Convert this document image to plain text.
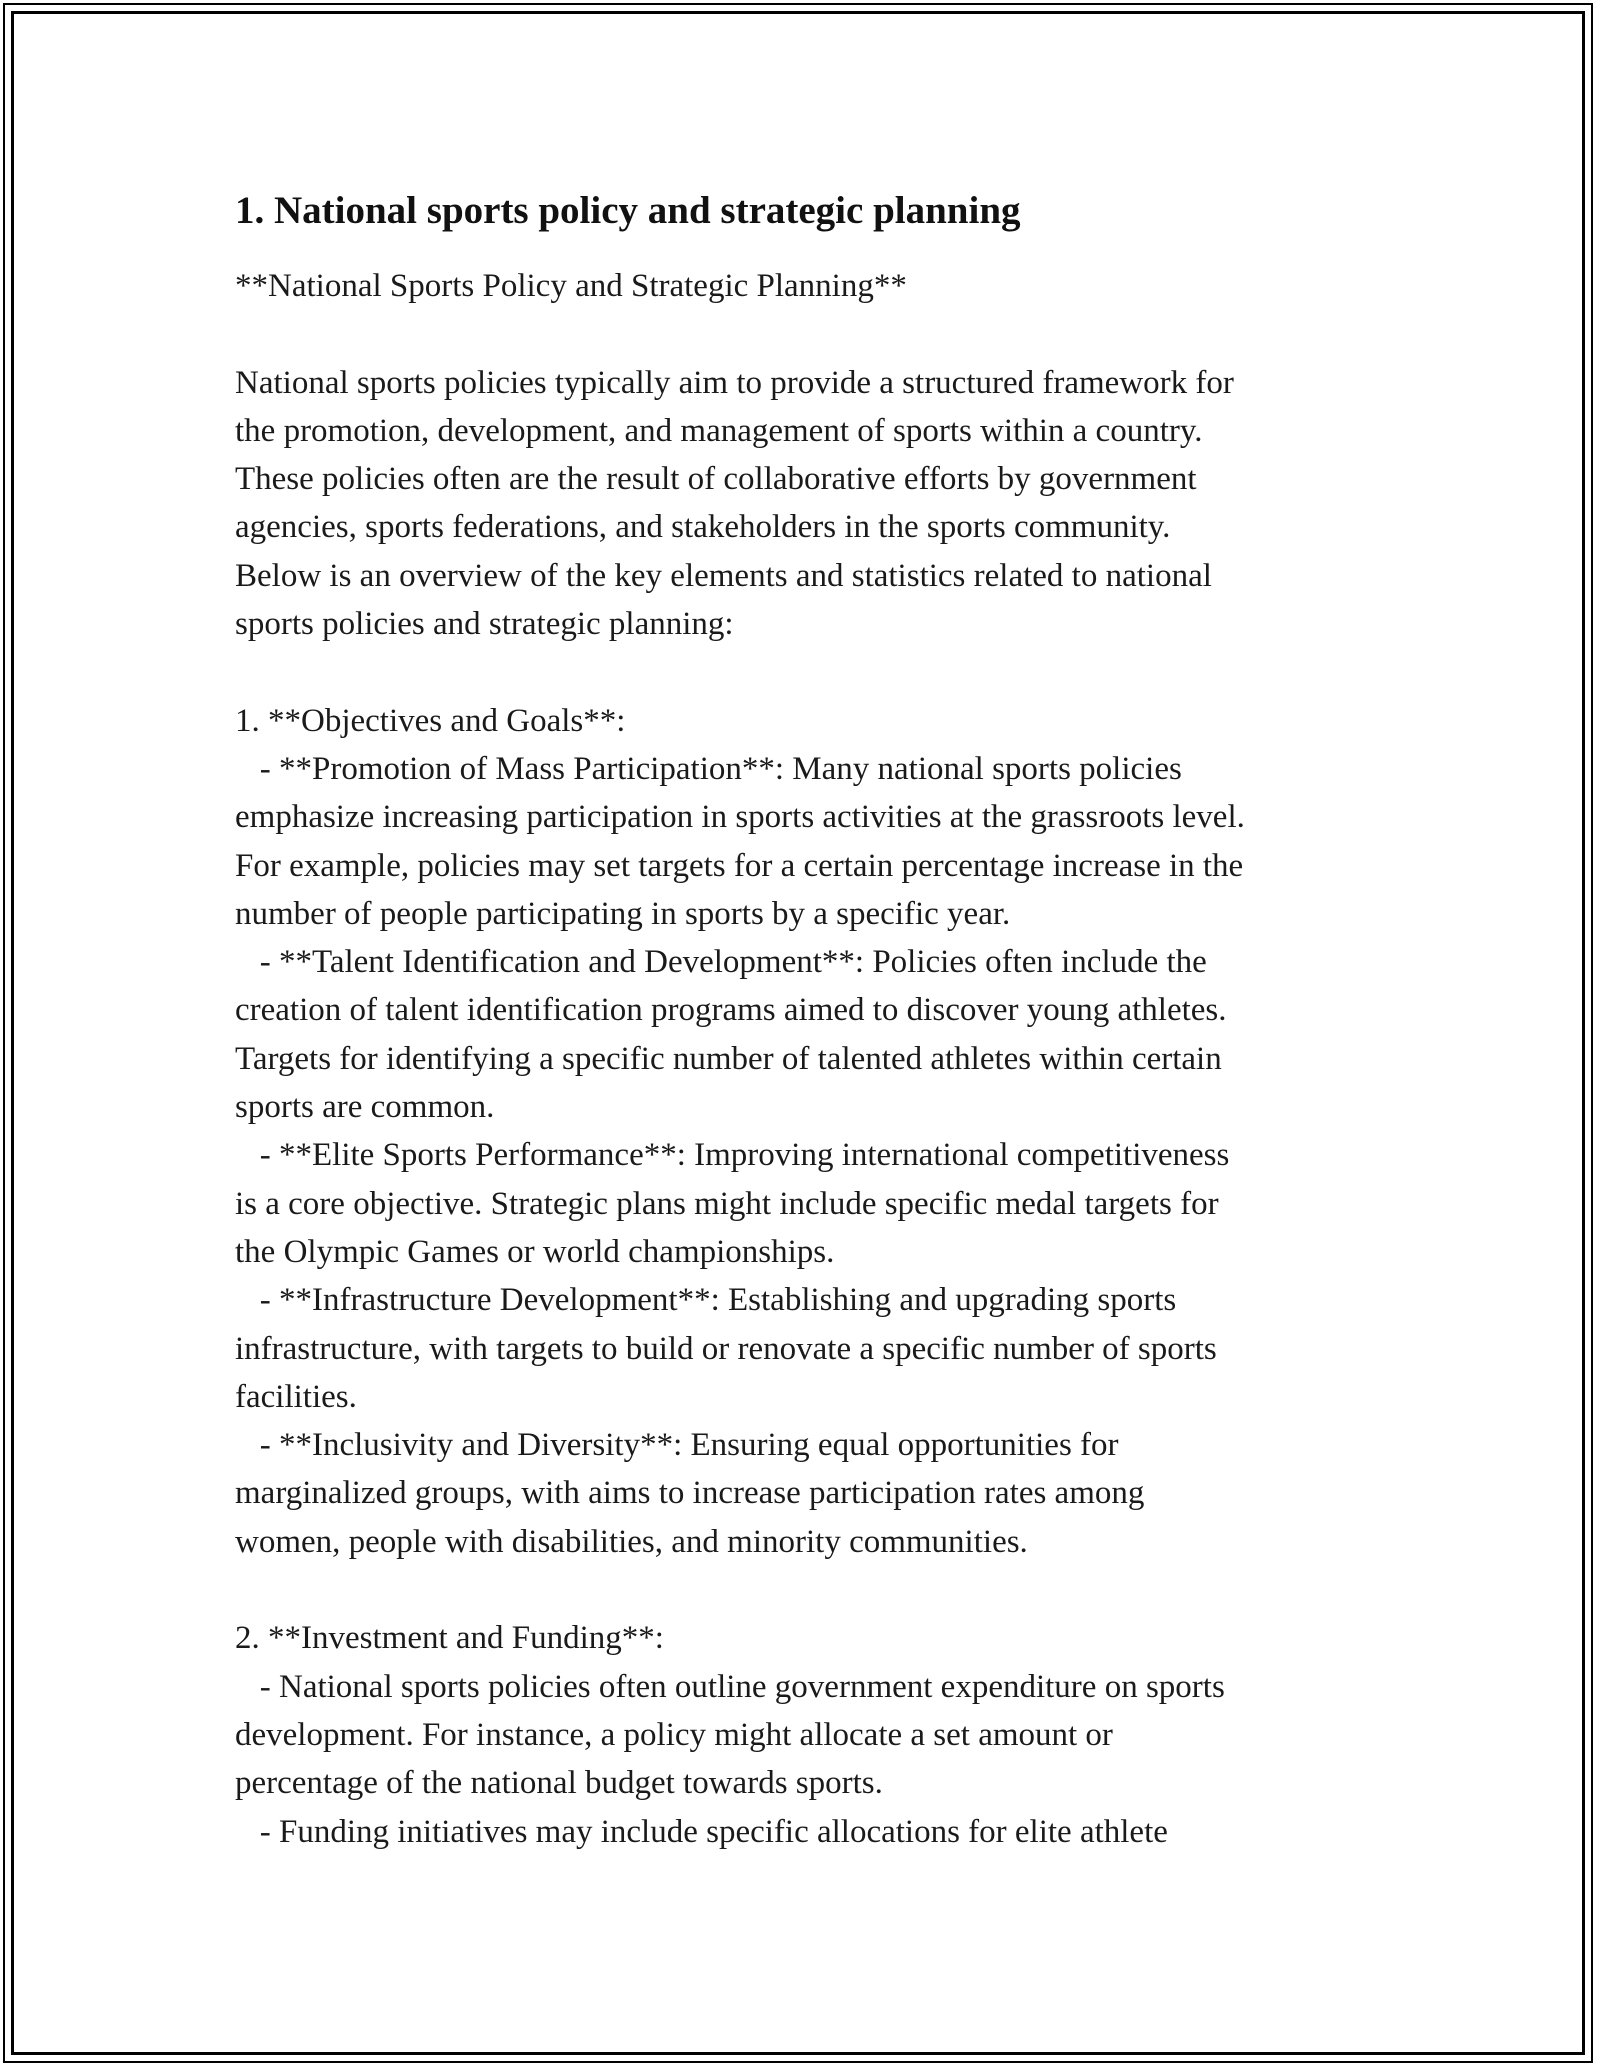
1. National sports policy and strategic planning

**National Sports Policy and Strategic Planning**

National sports policies typically aim to provide a structured framework for
the promotion, development, and management of sports within a country.
These policies often are the result of collaborative efforts by government
agencies, sports federations, and stakeholders in the sports community.
Below is an overview of the key elements and statistics related to national
sports policies and strategic planning:

1. **Objectives and Goals**:
- **Promotion of Mass Participation**: Many national sports policies
emphasize increasing participation in sports activities at the grassroots level.
For example, policies may set targets for a certain percentage increase in the
number of people participating in sports by a specific year.
- **Talent Identification and Development**: Policies often include the
creation of talent identification programs aimed to discover young athletes.
Targets for identifying a specific number of talented athletes within certain
sports are common.
- **Elite Sports Performance**: Improving international competitiveness
is a core objective. Strategic plans might include specific medal targets for
the Olympic Games or world championships.
- **Infrastructure Development**: Establishing and upgrading sports
infrastructure, with targets to build or renovate a specific number of sports
facilities.
- **Inclusivity and Diversity**: Ensuring equal opportunities for
marginalized groups, with aims to increase participation rates among
women, people with disabilities, and minority communities.

2. **Investment and Funding**:
- National sports policies often outline government expenditure on sports
development. For instance, a policy might allocate a set amount or
percentage of the national budget towards sports.
- Funding initiatives may include specific allocations for elite athlete
